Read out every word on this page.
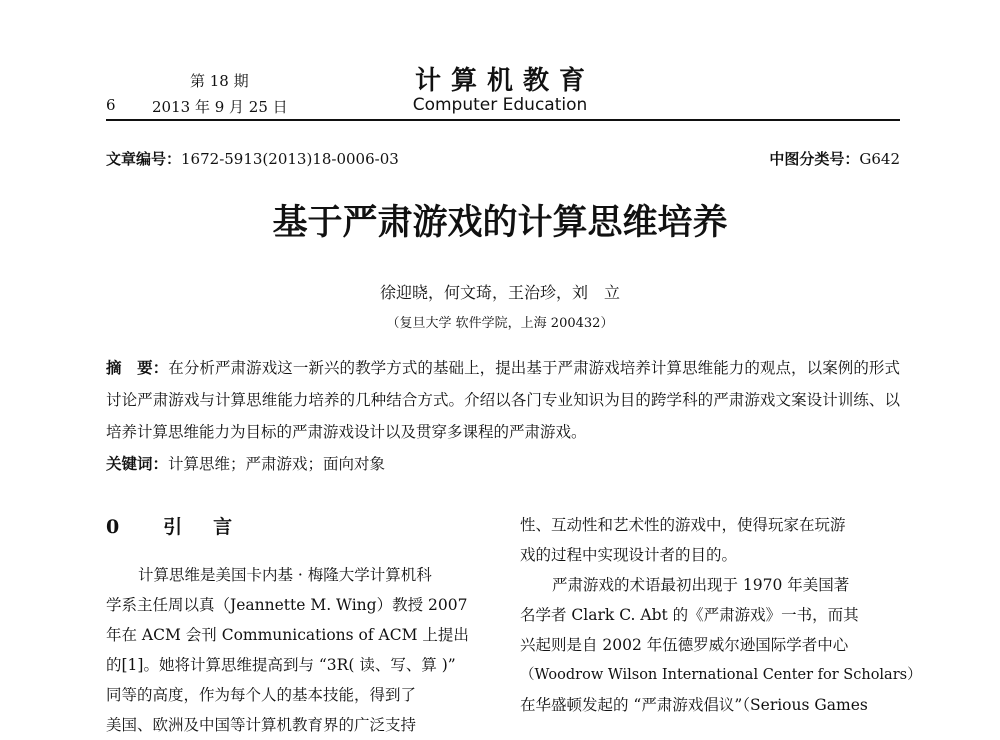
第 18 期
6 2013 年 9 月 25 日
计算机教育
Computer Education
文章编号：1672-5913(2013)18-0006-03	中图分类号：G642
基于严肃游戏的计算思维培养
徐迎晓，何文琦，王治珍，刘　立
（复旦大学 软件学院，上海 200432）
摘　要：在分析严肃游戏这一新兴的教学方式的基础上，提出基于严肃游戏培养计算思维能力的观点，以案例的形式讨论严肃游戏与计算思维能力培养的几种结合方式。介绍以各门专业知识为目的跨学科的严肃游戏文案设计训练、以培养计算思维能力为目标的严肃游戏设计以及贯穿多课程的严肃游戏。
关键词：计算思维；严肃游戏；面向对象
0 引　言
计算思维是美国卡内基 · 梅隆大学计算机科
学系主任周以真（Jeannette M. Wing）教授 2007
年在 ACM 会刊 Communications of ACM 上提出
的[1]。她将计算思维提高到与 “3R( 读、写、算 )”
同等的高度，作为每个人的基本技能，得到了
美国、欧洲及中国等计算机教育界的广泛支持
性、互动性和艺术性的游戏中，使得玩家在玩游
戏的过程中实现设计者的目的。
严肃游戏的术语最初出现于 1970 年美国著
名学者 Clark C. Abt 的《严肃游戏》一书，而其
兴起则是自 2002 年伍德罗威尔逊国际学者中心
（Woodrow Wilson International Center for Scholars）
在华盛顿发起的 “严肃游戏倡议”（Serious Games
